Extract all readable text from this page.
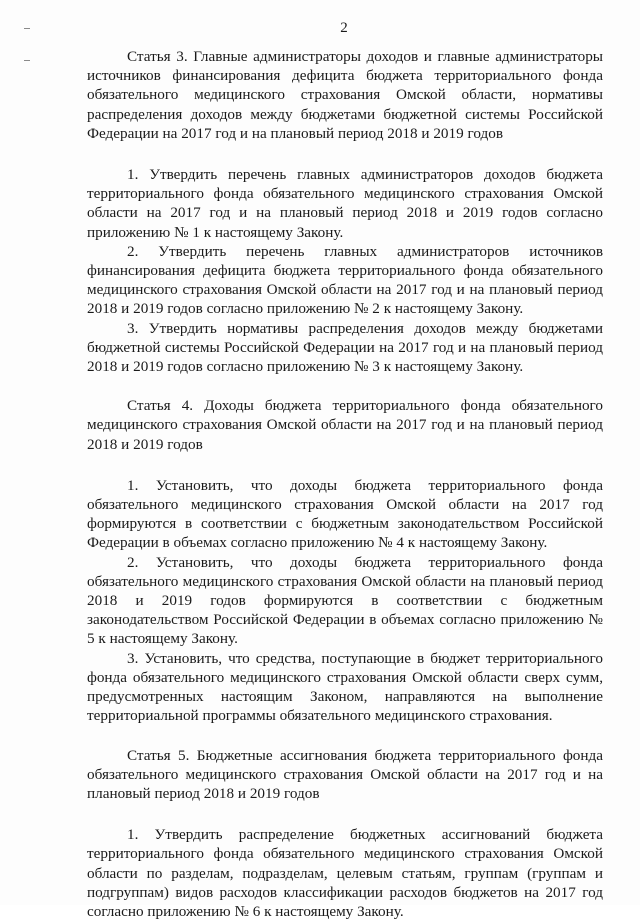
2

Статья 3. Главные администраторы доходов и главные администраторы источников финансирования дефицита бюджета территориального фонда обязательного медицинского страхования Омской области, нормативы распределения доходов между бюджетами бюджетной системы Российской Федерации на 2017 год и на плановый период 2018 и 2019 годов

1. Утвердить перечень главных администраторов доходов бюджета территориального фонда обязательного медицинского страхования Омской области на 2017 год и на плановый период 2018 и 2019 годов согласно приложению № 1 к настоящему Закону.

2. Утвердить перечень главных администраторов источников финансирования дефицита бюджета территориального фонда обязательного медицинского страхования Омской области на 2017 год и на плановый период 2018 и 2019 годов согласно приложению № 2 к настоящему Закону.

3. Утвердить нормативы распределения доходов между бюджетами бюджетной системы Российской Федерации на 2017 год и на плановый период 2018 и 2019 годов согласно приложению № 3 к настоящему Закону.

Статья 4. Доходы бюджета территориального фонда обязательного медицинского страхования Омской области на 2017 год и на плановый период 2018 и 2019 годов

1. Установить, что доходы бюджета территориального фонда обязательного медицинского страхования Омской области на 2017 год формируются в соответствии с бюджетным законодательством Российской Федерации в объемах согласно приложению № 4 к настоящему Закону.

2. Установить, что доходы бюджета территориального фонда обязательного медицинского страхования Омской области на плановый период 2018 и 2019 годов формируются в соответствии с бюджетным законодательством Российской Федерации в объемах согласно приложению № 5 к настоящему Закону.

3. Установить, что средства, поступающие в бюджет территориального фонда обязательного медицинского страхования Омской области сверх сумм, предусмотренных настоящим Законом, направляются на выполнение территориальной программы обязательного медицинского страхования.

Статья 5. Бюджетные ассигнования бюджета территориального фонда обязательного медицинского страхования Омской области на 2017 год и на плановый период 2018 и 2019 годов

1. Утвердить распределение бюджетных ассигнований бюджета территориального фонда обязательного медицинского страхования Омской области по разделам, подразделам, целевым статьям, группам (группам и подгруппам) видов расходов классификации расходов бюджетов на 2017 год согласно приложению № 6 к настоящему Закону.
